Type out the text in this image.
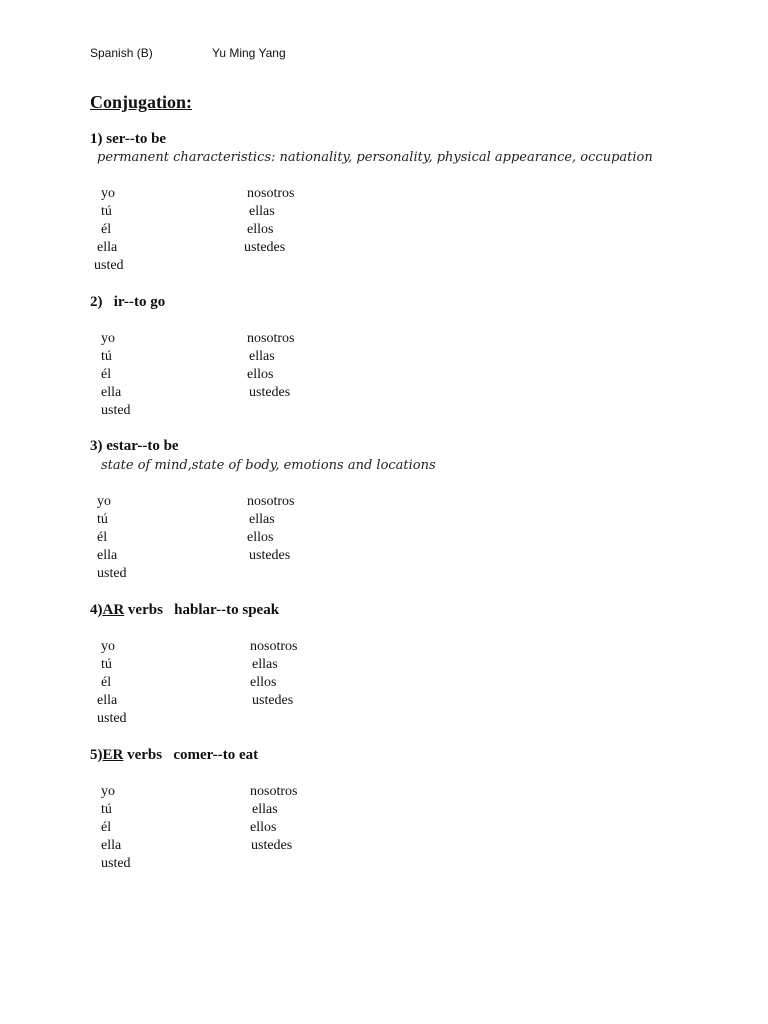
Spanish (B)	Yu Ming Yang
Conjugation:
1) ser--to be
permanent characteristics: nationality, personality, physical appearance, occupation
yo
tú
él
ella
usted
nosotros
ellas
ellos
ustedes
2)   ir--to go
yo
tú
él
ella
usted
nosotros
ellas
ellos
ustedes
3) estar--to be
state of mind,state of body, emotions and locations
yo
tú
él
ella
usted
nosotros
ellas
ellos
ustedes
4)AR verbs   hablar--to speak
yo
tú
él
ella
usted
nosotros
ellas
ellos
ustedes
5)ER verbs   comer--to eat
yo
tú
él
ella
usted
nosotros
ellas
ellos
ustedes
